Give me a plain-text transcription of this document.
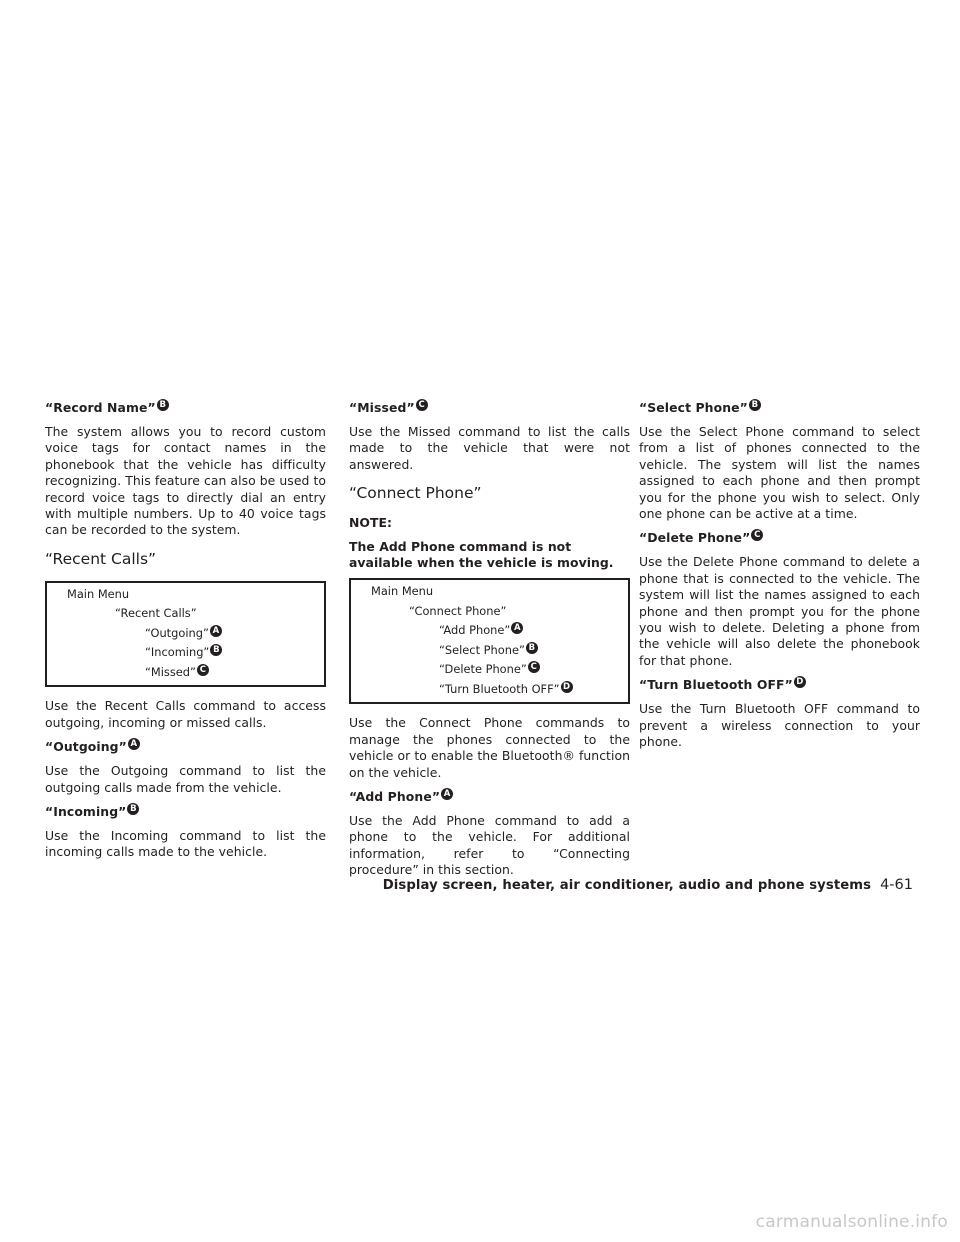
“Record Name” B

The system allows you to record custom voice tags for contact names in the phonebook that the vehicle has difficulty recognizing. This feature can also be used to record voice tags to directly dial an entry with multiple numbers. Up to 40 voice tags can be recorded to the system.

“Recent Calls”
Main Menu
“Recent Calls”
“Outgoing” A
“Incoming” B
“Missed” C

Use the Recent Calls command to access outgoing, incoming or missed calls.

“Outgoing” A

Use the Outgoing command to list the outgoing calls made from the vehicle.

“Incoming” B

Use the Incoming command to list the incoming calls made to the vehicle.

“Missed” C

Use the Missed command to list the calls made to the vehicle that were not answered.

“Connect Phone”

NOTE:

The Add Phone command is not available when the vehicle is moving.

Main Menu
“Connect Phone”
“Add Phone” A
“Select Phone” B
“Delete Phone” C
“Turn Bluetooth OFF” D

Use the Connect Phone commands to manage the phones connected to the vehicle or to enable the Bluetooth® function on the vehicle.

“Add Phone” A

Use the Add Phone command to add a phone to the vehicle. For additional information, refer to “Connecting procedure” in this section.

“Select Phone” B

Use the Select Phone command to select from a list of phones connected to the vehicle. The system will list the names assigned to each phone and then prompt you for the phone you wish to select. Only one phone can be active at a time.

“Delete Phone” C

Use the Delete Phone command to delete a phone that is connected to the vehicle. The system will list the names assigned to each phone and then prompt you for the phone you wish to delete. Deleting a phone from the vehicle will also delete the phonebook for that phone.

“Turn Bluetooth OFF” D

Use the Turn Bluetooth OFF command to prevent a wireless connection to your phone.

Display screen, heater, air conditioner, audio and phone systems 4-61
carmanualsonline.info
